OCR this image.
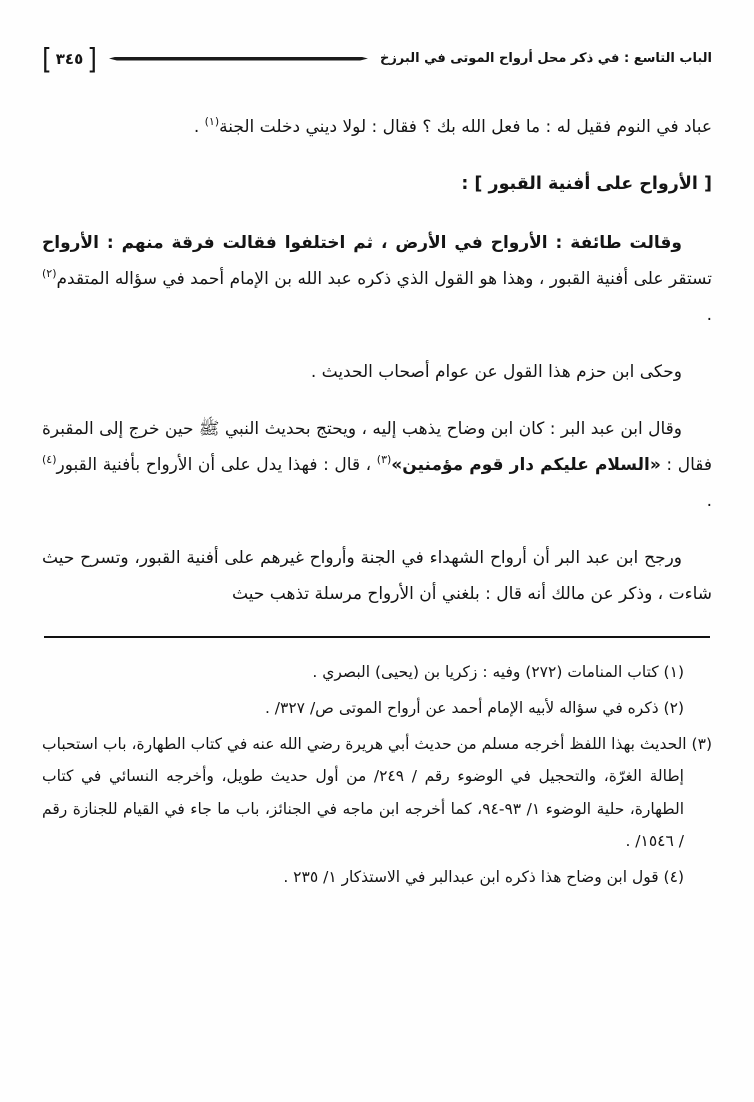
الباب التاسع : في ذكر محل أرواح الموتى في البرزخ
[ ٣٤٥ ]

عباد في النوم فقيل له : ما فعل الله بك ؟ فقال : لولا ديني دخلت الجنة$^{(١)}$ .

[ الأرواح على أفنية القبور ] :

وقالت طائفة : الأرواح في الأرض ، ثم اختلفوا فقالت فرقة منهم : الأرواح تستقر على أفنية القبور ، وهذا هو القول الذي ذكره عبد الله بن الإمام أحمد في سؤاله المتقدم$^{(٢)}$ .

وحكى ابن حزم هذا القول عن عوام أصحاب الحديث .

وقال ابن عبد البر : كان ابن وضاح يذهب إليه ، ويحتج بحديث النبي ﷺ حين خرج إلى المقبرة فقال : «السلام عليكم دار قوم مؤمنين»$^{(٣)}$ ، قال : فهذا يدل على أن الأرواح بأفنية القبور$^{(٤)}$ .

ورجح ابن عبد البر أن أرواح الشهداء في الجنة وأرواح غيرهم على أفنية القبور، وتسرح حيث شاءت ، وذكر عن مالك أنه قال : بلغني أن الأرواح مرسلة تذهب حيث

(١) كتاب المنامات (٢٧٢) وفيه : زكريا بن (يحيى) البصري .

(٢) ذكره في سؤاله لأبيه الإمام أحمد عن أرواح الموتى ص/ ٣٢٧/ .

(٣) الحديث بهذا اللفظ أخرجه مسلم من حديث أبي هريرة رضي الله عنه في كتاب الطهارة، باب استحباب إطالة الغرّة، والتحجيل في الوضوء رقم / ٢٤٩/ من أول حديث طويل، وأخرجه النسائي في كتاب الطهارة، حلية الوضوء ١/ ٩٣-٩٤، كما أخرجه ابن ماجه في الجنائز، باب ما جاء في القيام للجنازة رقم / ١٥٤٦/ .

(٤) قول ابن وضاح هذا ذكره ابن عبدالبر في الاستذكار ١/ ٢٣٥ .
